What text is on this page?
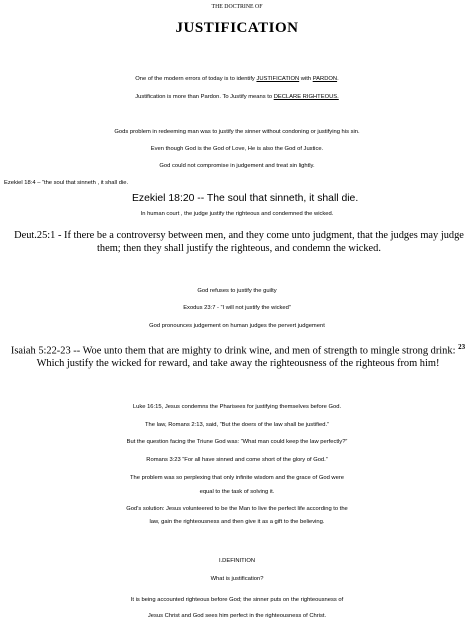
THE DOCTRINE OF
JUSTIFICATION
One of the modern errors of today is to identify JUSTIFICATION with PARDON.
Justification is more than Pardon. To Justify means to DECLARE RIGHTEOUS.
Gods problem in redeeming man was to justify the sinner without condoning or justifying his sin.
Even though God is the God of Love, He is also the God of Justice.
God could not compromise in judgement and treat sin lightly.
Ezekiel 18:4 – “the soul that sinneth , it shall die.
Ezekiel 18:20 -- The soul that sinneth, it shall die.
In human court , the judge justify the righteous and condemned the wicked.
Deut.25:1 - If there be a controversy between men, and they come unto judgment, that the judges may judge them; then they shall justify the righteous, and condemn the wicked.
God refuses to justify the guilty
Exodus 23:7 - “I will not justify the wicked”
God pronounces judgement on human judges the pervert judgement
Isaiah 5:22-23 -- Woe unto them that are mighty to drink wine, and men of strength to mingle strong drink: $^{23}$ Which justify the wicked for reward, and take away the righteousness of the righteous from him!
Luke 16:15, Jesus condemns the Pharisees for justifying themselves before God.
The law, Romans 2:13, said, “But the doers of the law shall be justified.”
But the question facing the Triune God was: “What man could keep the law perfectly?”
Romans 3:23 “For all have sinned and come short of the glory of God.”
The problem was so perplexing that only infinite wisdom and the grace of God were
equal to the task of solving it.
God’s solution: Jesus volunteered to be the Man to live the perfect life according to the
law, gain the righteousness and then give it as a gift to the believing.
I.DEFINITION
What is justification?
It is being accounted righteous before God; the sinner puts on the righteousness of
Jesus Christ and God sees him perfect in the righteousness of Christ.
